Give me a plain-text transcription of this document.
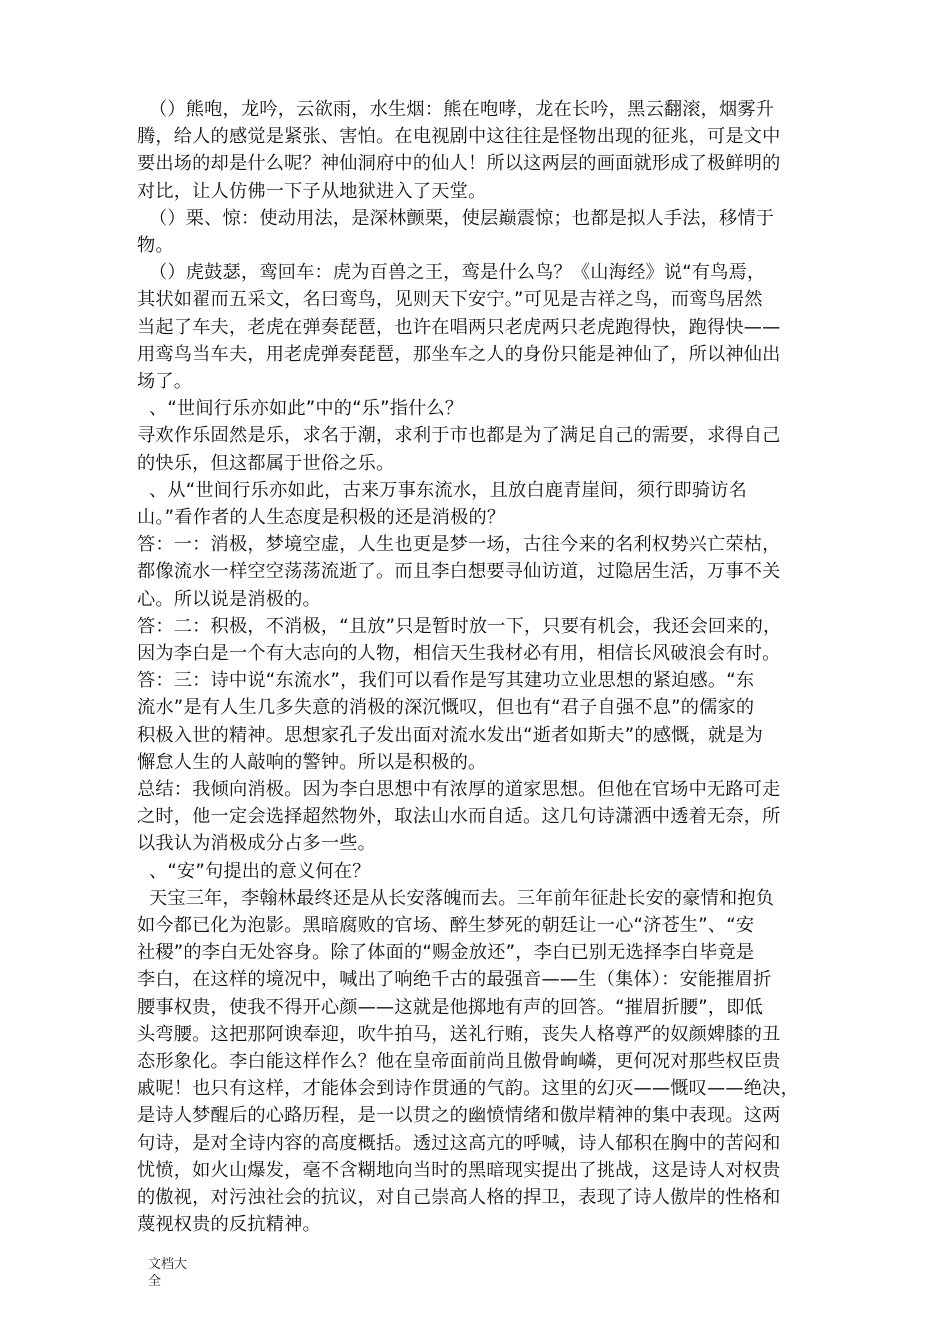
（）熊咆，龙吟，云欲雨，水生烟：熊在咆哮，龙在长吟，黑云翻滚，烟雾升
腾，给人的感觉是紧张、害怕。在电视剧中这往往是怪物出现的征兆，可是文中
要出场的却是什么呢？神仙洞府中的仙人！所以这两层的画面就形成了极鲜明的
对比，让人仿佛一下子从地狱进入了天堂。
（）栗、惊：使动用法，是深林颤栗，使层巅震惊；也都是拟人手法，移情于
物。
（）虎鼓瑟，鸾回车：虎为百兽之王，鸾是什么鸟？《山海经》说“有鸟焉，
其状如翟而五采文，名曰鸾鸟，见则天下安宁。”可见是吉祥之鸟，而鸾鸟居然
当起了车夫，老虎在弹奏琵琶，也许在唱两只老虎两只老虎跑得快，跑得快——
用鸾鸟当车夫，用老虎弹奏琵琶，那坐车之人的身份只能是神仙了，所以神仙出
场了。
、“世间行乐亦如此”中的“乐”指什么？
寻欢作乐固然是乐，求名于潮，求利于市也都是为了满足自己的需要，求得自己
的快乐，但这都属于世俗之乐。
、从“世间行乐亦如此，古来万事东流水，且放白鹿青崖间，须行即骑访名
山。”看作者的人生态度是积极的还是消极的？
答：一：消极，梦境空虚，人生也更是梦一场，古往今来的名利权势兴亡荣枯，
都像流水一样空空荡荡流逝了。而且李白想要寻仙访道，过隐居生活，万事不关
心。所以说是消极的。
答：二：积极，不消极，“且放”只是暂时放一下，只要有机会，我还会回来的，
因为李白是一个有大志向的人物，相信天生我材必有用，相信长风破浪会有时。
答：三：诗中说“东流水”，我们可以看作是写其建功立业思想的紧迫感。“东
流水”是有人生几多失意的消极的深沉慨叹，但也有“君子自强不息”的儒家的
积极入世的精神。思想家孔子发出面对流水发出“逝者如斯夫”的感慨，就是为
懈怠人生的人敲响的警钟。所以是积极的。
总结：我倾向消极。因为李白思想中有浓厚的道家思想。但他在官场中无路可走
之时，他一定会选择超然物外，取法山水而自适。这几句诗潇洒中透着无奈，所
以我认为消极成分占多一些。
、“安”句提出的意义何在？
天宝三年，李翰林最终还是从长安落魄而去。三年前年征赴长安的豪情和抱负
如今都已化为泡影。黑暗腐败的官场、醉生梦死的朝廷让一心“济苍生”、“安
社稷”的李白无处容身。除了体面的“赐金放还”，李白已别无选择李白毕竟是
李白，在这样的境况中，喊出了响绝千古的最强音——生（集体）：安能摧眉折
腰事权贵，使我不得开心颜——这就是他掷地有声的回答。“摧眉折腰”，即低
头弯腰。这把那阿谀奉迎，吹牛拍马，送礼行贿，丧失人格尊严的奴颜婢膝的丑
态形象化。李白能这样作么？他在皇帝面前尚且傲骨峋嶙，更何况对那些权臣贵
戚呢！也只有这样，才能体会到诗作贯通的气韵。这里的幻灭——慨叹——绝决，
是诗人梦醒后的心路历程，是一以贯之的幽愤情绪和傲岸精神的集中表现。这两
句诗，是对全诗内容的高度概括。透过这高亢的呼喊，诗人郁积在胸中的苦闷和
忧愤，如火山爆发，毫不含糊地向当时的黑暗现实提出了挑战，这是诗人对权贵
的傲视，对污浊社会的抗议，对自己崇高人格的捍卫，表现了诗人傲岸的性格和
蔑视权贵的反抗精神。
文档大
全
